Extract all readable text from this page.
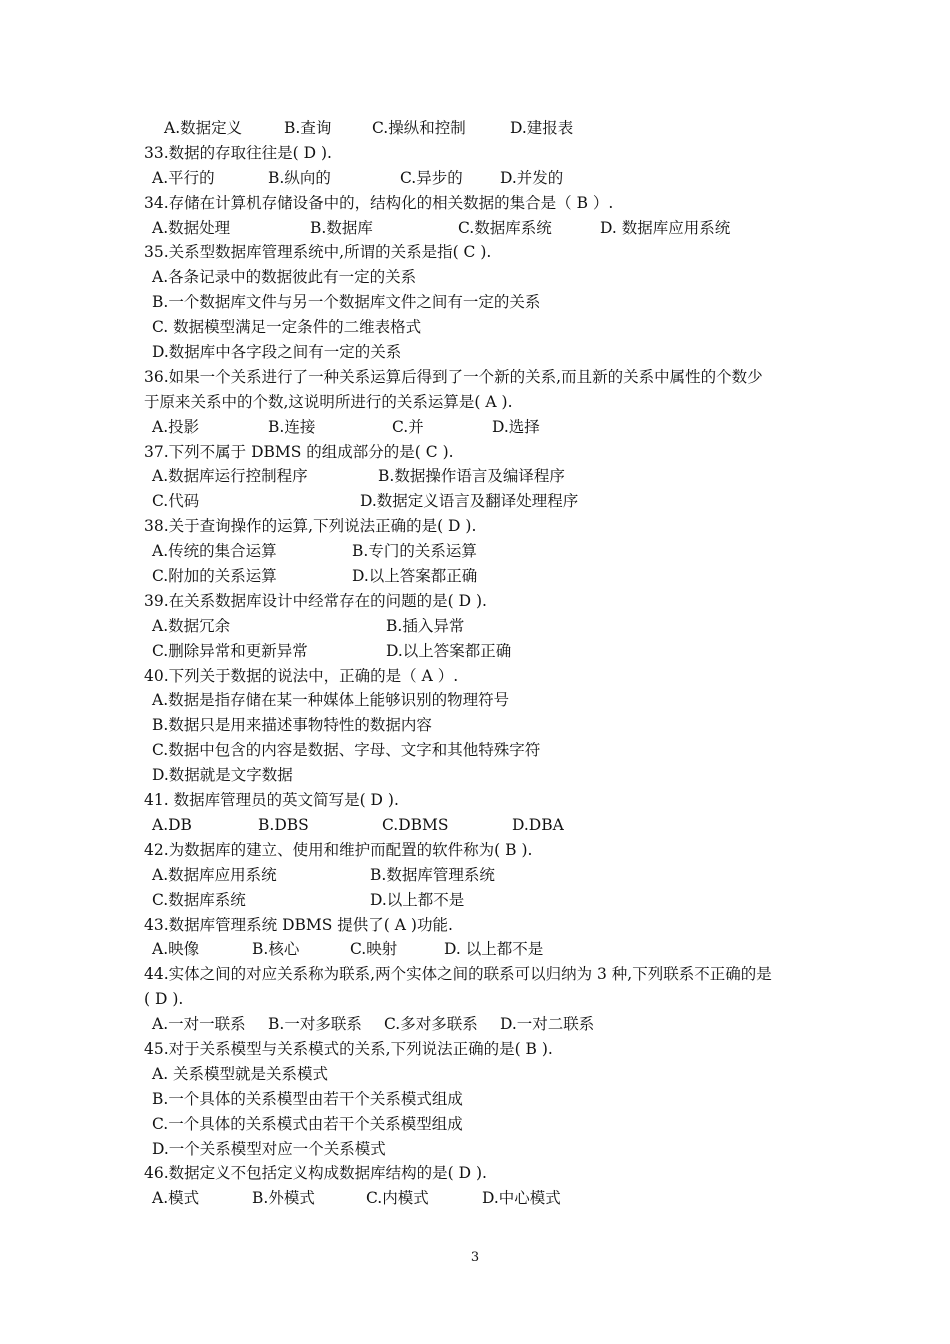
A.数据定义	B.查询	C.操纵和控制	D.建报表
33.数据的存取往往是( D ).
A.平行的	B.纵向的	C.异步的 D.并发的
34.存储在计算机存储设备中的，结构化的相关数据的集合是（ B ）.
A.数据处理	B.数据库	C.数据库系统	D. 数据库应用系统
35.关系型数据库管理系统中,所谓的关系是指( C ).
A.各条记录中的数据彼此有一定的关系
B.一个数据库文件与另一个数据库文件之间有一定的关系
C. 数据模型满足一定条件的二维表格式
D.数据库中各字段之间有一定的关系
36.如果一个关系进行了一种关系运算后得到了一个新的关系,而且新的关系中属性的个数少
于原来关系中的个数,这说明所进行的关系运算是( A ).
A.投影	B.连接	C.并	D.选择
37.下列不属于 DBMS 的组成部分的是( C ).
A.数据库运行控制程序	B.数据操作语言及编译程序
C.代码	D.数据定义语言及翻译处理程序
38.关于查询操作的运算,下列说法正确的是( D ).
A.传统的集合运算	B.专门的关系运算
C.附加的关系运算	D.以上答案都正确
39.在关系数据库设计中经常存在的问题的是( D ).
A.数据冗余	B.插入异常
C.删除异常和更新异常	D.以上答案都正确
40.下列关于数据的说法中，正确的是（ A ）.
A.数据是指存储在某一种媒体上能够识别的物理符号
B.数据只是用来描述事物特性的数据内容
C.数据中包含的内容是数据、字母、文字和其他特殊字符
D.数据就是文字数据
41. 数据库管理员的英文简写是( D ).
A.DB	B.DBS	C.DBMS	D.DBA
42.为数据库的建立、使用和维护而配置的软件称为( B ).
A.数据库应用系统	B.数据库管理系统
C.数据库系统	D.以上都不是
43.数据库管理系统 DBMS 提供了( A )功能.
A.映像	B.核心	C.映射	D. 以上都不是
44.实体之间的对应关系称为联系,两个实体之间的联系可以归纳为 3 种,下列联系不正确的是
( D ).
A.一对一联系 B.一对多联系 C.多对多联系 D.一对二联系
45.对于关系模型与关系模式的关系,下列说法正确的是( B ).
A. 关系模型就是关系模式
B.一个具体的关系模型由若干个关系模式组成
C.一个具体的关系模式由若干个关系模型组成
D.一个关系模型对应一个关系模式
46.数据定义不包括定义构成数据库结构的是( D ).
A.模式	B.外模式	C.内模式	D.中心模式
3
